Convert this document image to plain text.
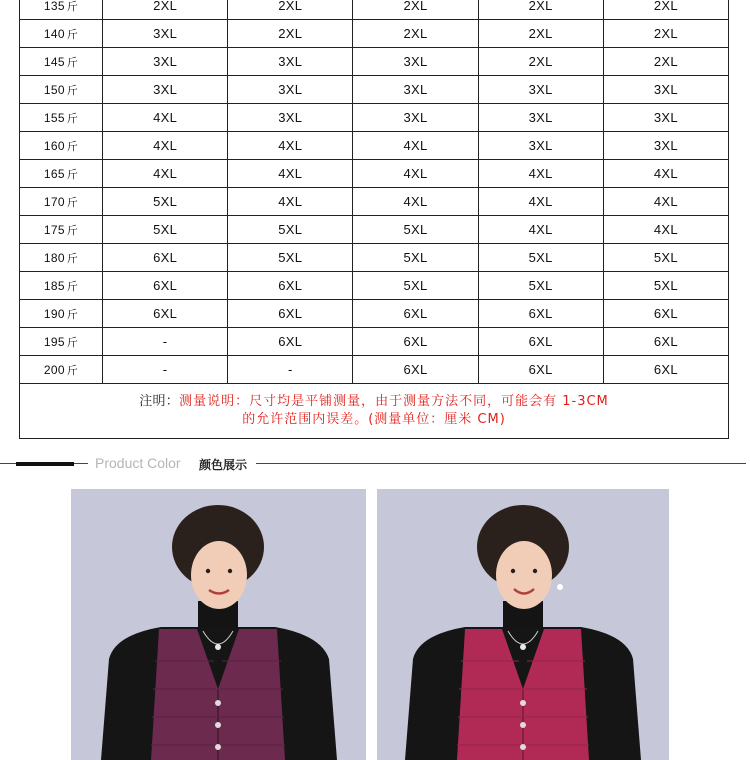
135 斤	2XL	2XL	2XL	2XL	2XL
140 斤	3XL	2XL	2XL	2XL	2XL
145 斤	3XL	3XL	3XL	2XL	2XL
150 斤	3XL	3XL	3XL	3XL	3XL
155 斤	4XL	3XL	3XL	3XL	3XL
160 斤	4XL	4XL	4XL	3XL	3XL
165 斤	4XL	4XL	4XL	4XL	4XL
170 斤	5XL	4XL	4XL	4XL	4XL
175 斤	5XL	5XL	5XL	4XL	4XL
180 斤	6XL	5XL	5XL	5XL	5XL
185 斤	6XL	6XL	5XL	5XL	5XL
190 斤	6XL	6XL	6XL	6XL	6XL
195 斤	-	6XL	6XL	6XL	6XL
200 斤	-	-	6XL	6XL	6XL
注明：测量说明：尺寸均是平铺测量，由于测量方法不同，可能会有 1-3CM
的允许范围内误差。(测量单位：厘米 CM)					
Product Color 颜色展示
